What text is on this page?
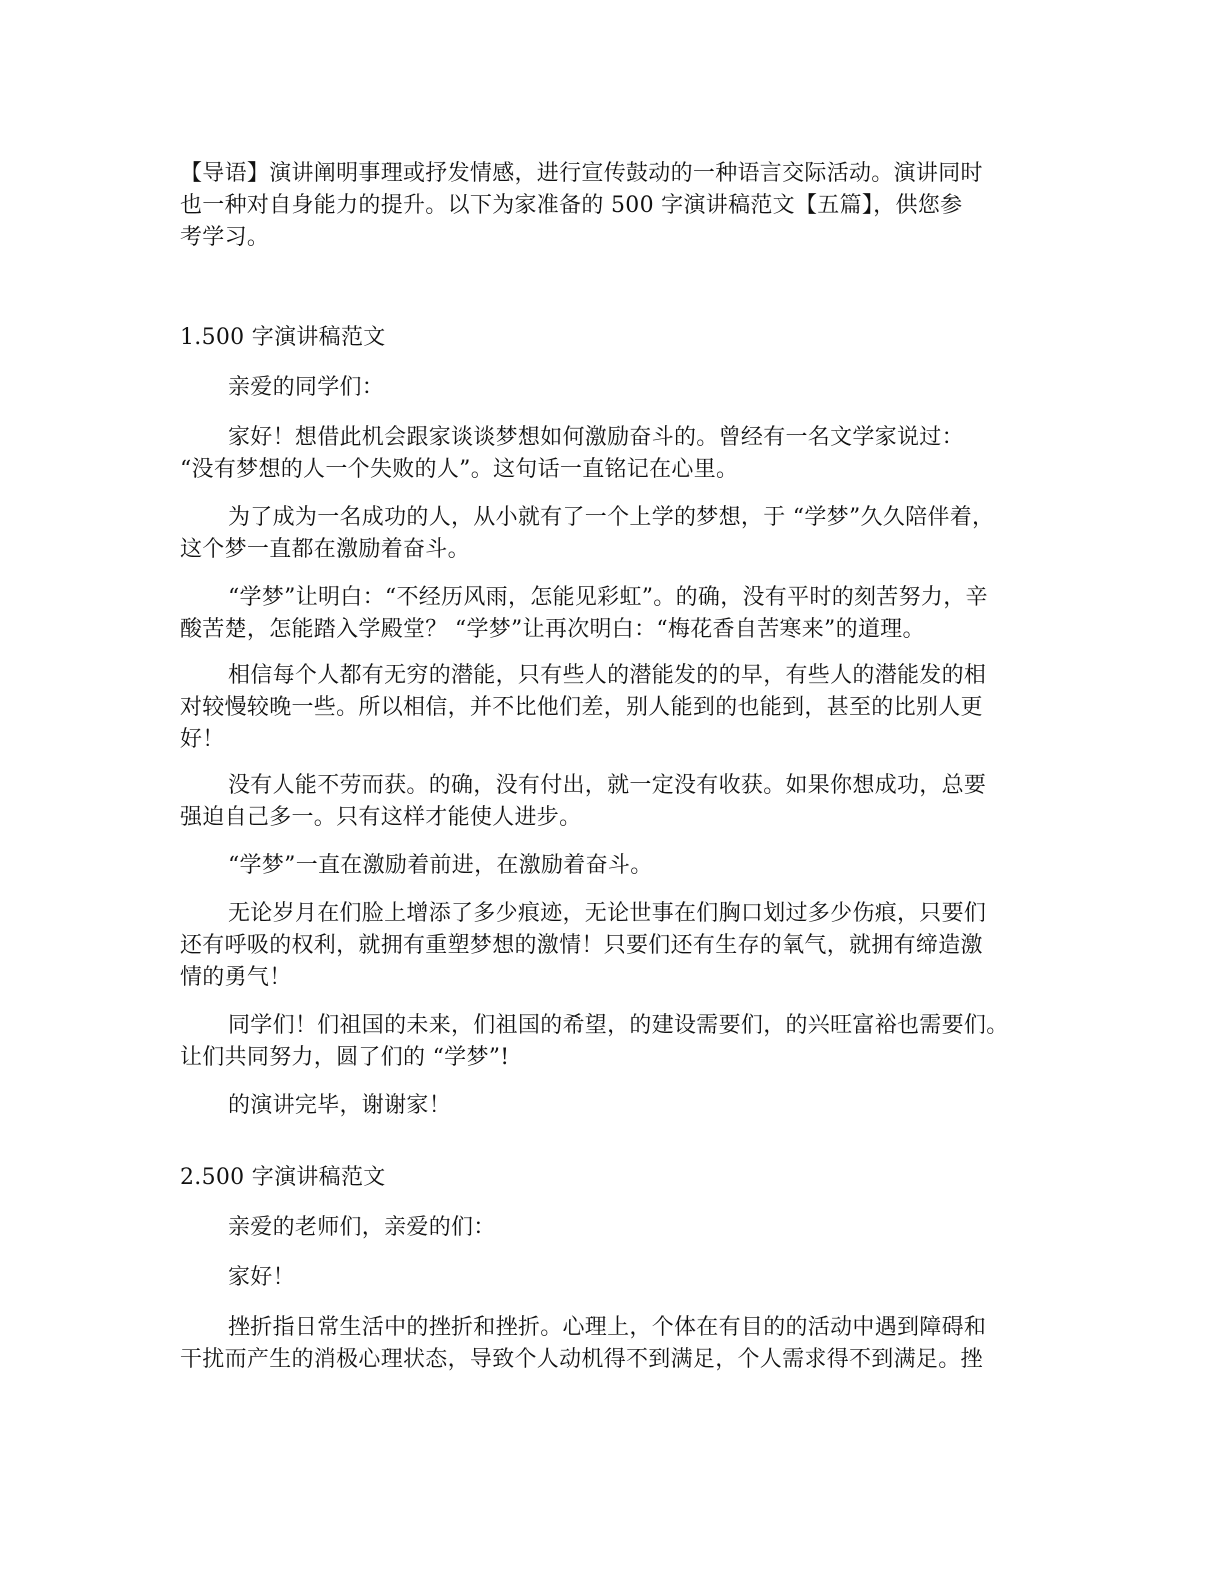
【导语】演讲阐明事理或抒发情感，进行宣传鼓动的一种语言交际活动。演讲同时
也一种对自身能力的提升。以下为家准备的 500 字演讲稿范文【五篇】，供您参
考学习。

1.500 字演讲稿范文

亲爱的同学们：

家好！想借此机会跟家谈谈梦想如何激励奋斗的。曾经有一名文学家说过：
“没有梦想的人一个失败的人”。这句话一直铭记在心里。

为了成为一名成功的人，从小就有了一个上学的梦想，于 “学梦”久久陪伴着，
这个梦一直都在激励着奋斗。

“学梦”让明白：“不经历风雨，怎能见彩虹”。的确，没有平时的刻苦努力，辛
酸苦楚，怎能踏入学殿堂？ “学梦”让再次明白：“梅花香自苦寒来”的道理。

相信每个人都有无穷的潜能，只有些人的潜能发的的早，有些人的潜能发的相
对较慢较晚一些。所以相信，并不比他们差，别人能到的也能到，甚至的比别人更
好！

没有人能不劳而获。的确，没有付出，就一定没有收获。如果你想成功，总要
强迫自己多一。只有这样才能使人进步。

“学梦”一直在激励着前进，在激励着奋斗。

无论岁月在们脸上增添了多少痕迹，无论世事在们胸口划过多少伤痕，只要们
还有呼吸的权利，就拥有重塑梦想的激情！只要们还有生存的氧气，就拥有缔造激
情的勇气！

同学们！们祖国的未来，们祖国的希望，的建设需要们，的兴旺富裕也需要们。
让们共同努力，圆了们的 “学梦”!

的演讲完毕，谢谢家！

2.500 字演讲稿范文

亲爱的老师们，亲爱的们：

家好！

挫折指日常生活中的挫折和挫折。心理上，个体在有目的的活动中遇到障碍和
干扰而产生的消极心理状态，导致个人动机得不到满足，个人需求得不到满足。挫
